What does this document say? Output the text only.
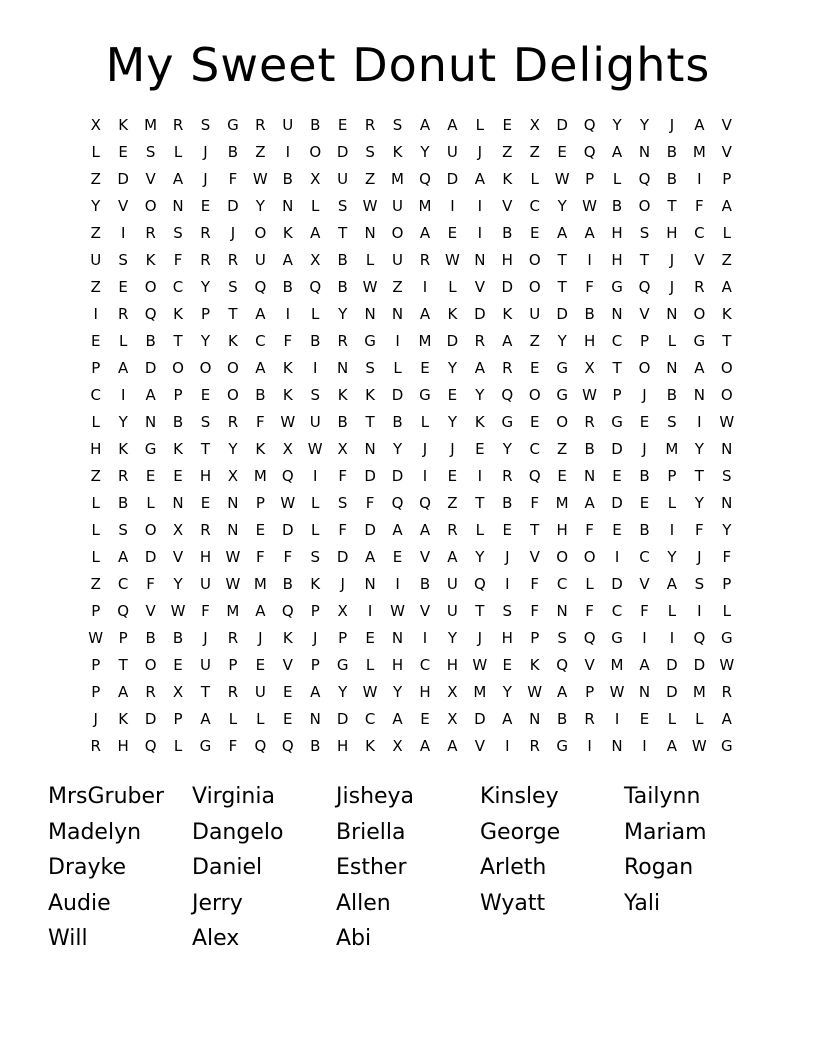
My Sweet Donut Delights
X	K	M	R	S	G	R	U	B	E	R	S	A	A	L	E	X	D	Q	Y	Y	J	A	V
L	E	S	L	J	B	Z	I	O	D	S	K	Y	U	J	Z	Z	E	Q	A	N	B	M	V
Z	D	V	A	J	F	W B	X	U	Z	M	Q	D	A	K	L	W	P	L	Q	B	I	P
Y	V	O	N	E	D	Y	N	L	S	W U	M	I	I	V	C	Y	W B	O	T	F	A
Z	I	R	S	R	J	O	K	A	T	N	O	A	E	I	B	E	A	A	H	S	H	C	L
U	S	K	F	R	R	U	A	X	B	L	U	R W N	H	O	T	I	H	T	J	V	Z
Z	E	O	C	Y	S	Q	B	Q	B W Z	I	L	V	D	O	T	F	G	Q	J	R	A
I	R	Q	K	P	T	A	I	L	Y	N	N	A	K	D	K	U	D	B	N	V	N	O	K
E	L	B	T	Y	K	C	F	B	R	G	I	M	D	R	A	Z	Y	H	C	P	L	G	T
P	A	D	O	O	O	A	K	I	N	S	L	E	Y	A	R	E	G	X	T	O	N	A	O
C	I	A	P	E	O	B	K	S	K	K	D	G	E	Y	Q	O	G W	P	J	B	N	O
L	Y	N	B	S	R	F	W U	B	T	B	L	Y	K	G	E	O	R	G	E	S	I	W
H	K	G	K	T	Y	K	X W X	N	Y	J	J	E	Y	C	Z	B	D	J	M	Y	N
Z	R	E	E	H	X	M	Q	I	F	D	D	I	E	I	R	Q	E	N	E	B	P	T	S
L	B	L	N	E	N	P	W	L	S	F	Q	Q	Z	T	B	F	M	A	D	E	L	Y	N
L	S	O	X	R	N	E	D	L	F	D	A	A	R	L	E	T	H	F	E	B	I	F	Y
L	A	D	V	H W	F	F	S	D	A	E	V	A	Y	J	V	O	O	I	C	Y	J	F
Z	C	F	Y	U W M	B	K	J	N	I	B	U	Q	I	F	C	L	D	V	A	S	P
P	Q	V W	F	M	A	Q	P	X	I	W V	U	T	S	F	N	F	C	F	L	I	L
W	P	B	B	J	R	J	K	J	P	E	N	I	Y	J	H	P	S	Q	G	I	I	Q	G
P	T	O	E	U	P	E	V	P	G	L	H	C	H W	E	K	Q	V	M	A	D	D W
P	A	R	X	T	R	U	E	A	Y	W	Y	H	X	M	Y	W A	P	W N	D	M	R
J	K	D	P	A	L	L	E	N	D	C	A	E	X	D	A	N	B	R	I	E	L	L	A
R	H	Q	L	G	F	Q	Q	B	H	K	X	A	A	V	I	R	G	I	N	I	A W G
MrsGruber	Virginia	Jisheya	Kinsley	Tailynn
Madelyn	Dangelo	Briella	George	Mariam
Drayke	Daniel	Esther	Arleth	Rogan
Audie	Jerry	Allen	Wyatt	Yali
Will	Alex	Abi
